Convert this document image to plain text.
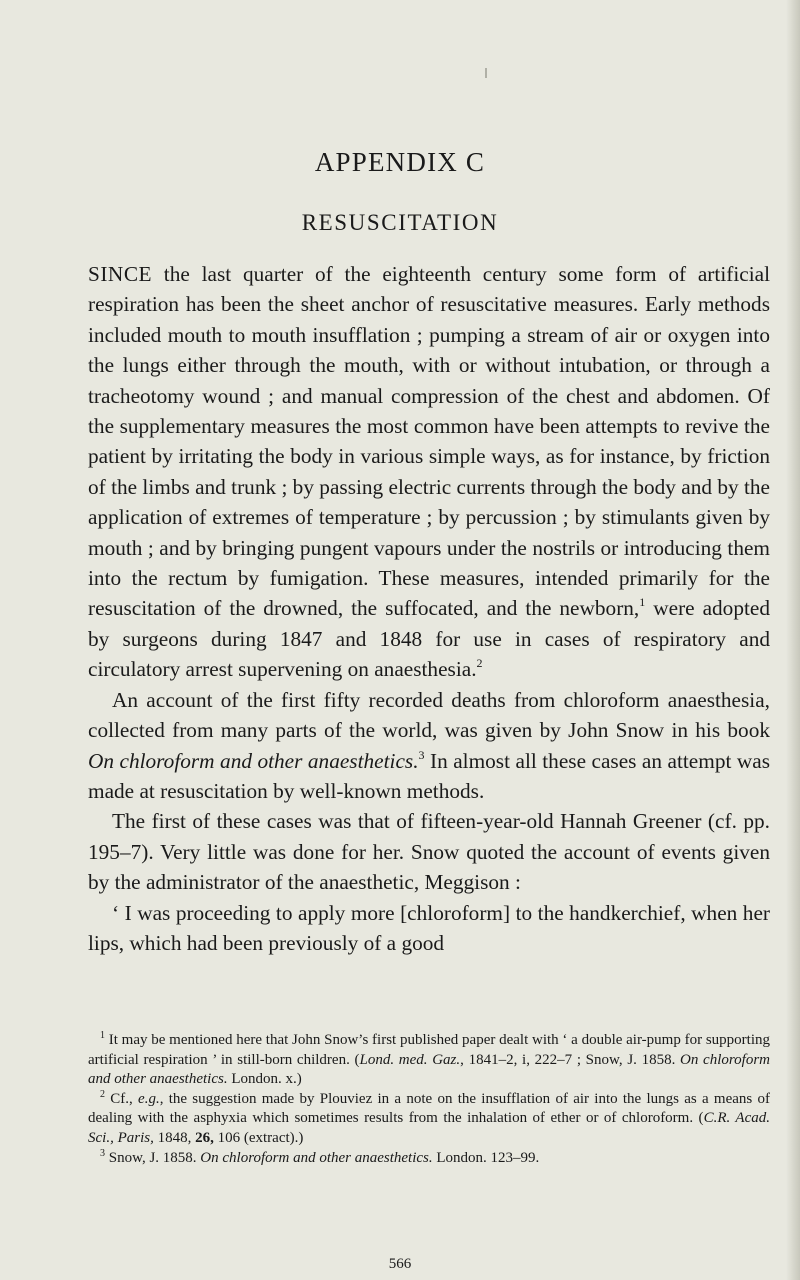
APPENDIX C
RESUSCITATION

SINCE the last quarter of the eighteenth century some form of artificial respiration has been the sheet anchor of resuscitative measures. Early methods included mouth to mouth insufflation ; pumping a stream of air or oxygen into the lungs either through the mouth, with or without intubation, or through a tracheotomy wound ; and manual compression of the chest and abdomen. Of the supplementary measures the most common have been attempts to revive the patient by irritating the body in various simple ways, as for instance, by friction of the limbs and trunk ; by passing electric currents through the body and by the application of extremes of temperature ; by percussion ; by stimulants given by mouth ; and by bringing pungent vapours under the nostrils or introducing them into the rectum by fumigation. These measures, intended primarily for the resuscitation of the drowned, the suffocated, and the newborn,$^1$ were adopted by surgeons during 1847 and 1848 for use in cases of respiratory and circulatory arrest supervening on anaesthesia.$^2$

An account of the first fifty recorded deaths from chloroform anaesthesia, collected from many parts of the world, was given by John Snow in his book On chloroform and other anaesthetics.$^3$ In almost all these cases an attempt was made at resuscitation by well-known methods.

The first of these cases was that of fifteen-year-old Hannah Greener (cf. pp. 195–7). Very little was done for her. Snow quoted the account of events given by the administrator of the anaesthetic, Meggison :

‘ I was proceeding to apply more [chloroform] to the handkerchief, when her lips, which had been previously of a good

$^1$ It may be mentioned here that John Snow’s first published paper dealt with ‘ a double air-pump for supporting artificial respiration ’ in still-born children. (Lond. med. Gaz., 1841–2, i, 222–7 ; Snow, J. 1858. On chloroform and other anaesthetics. London. x.)

$^2$ Cf., e.g., the suggestion made by Plouviez in a note on the insufflation of air into the lungs as a means of dealing with the asphyxia which sometimes results from the inhalation of ether or of chloroform. (C.R. Acad. Sci., Paris, 1848, 26, 106 (extract).)

$^3$ Snow, J. 1858. On chloroform and other anaesthetics. London. 123–99.

566
